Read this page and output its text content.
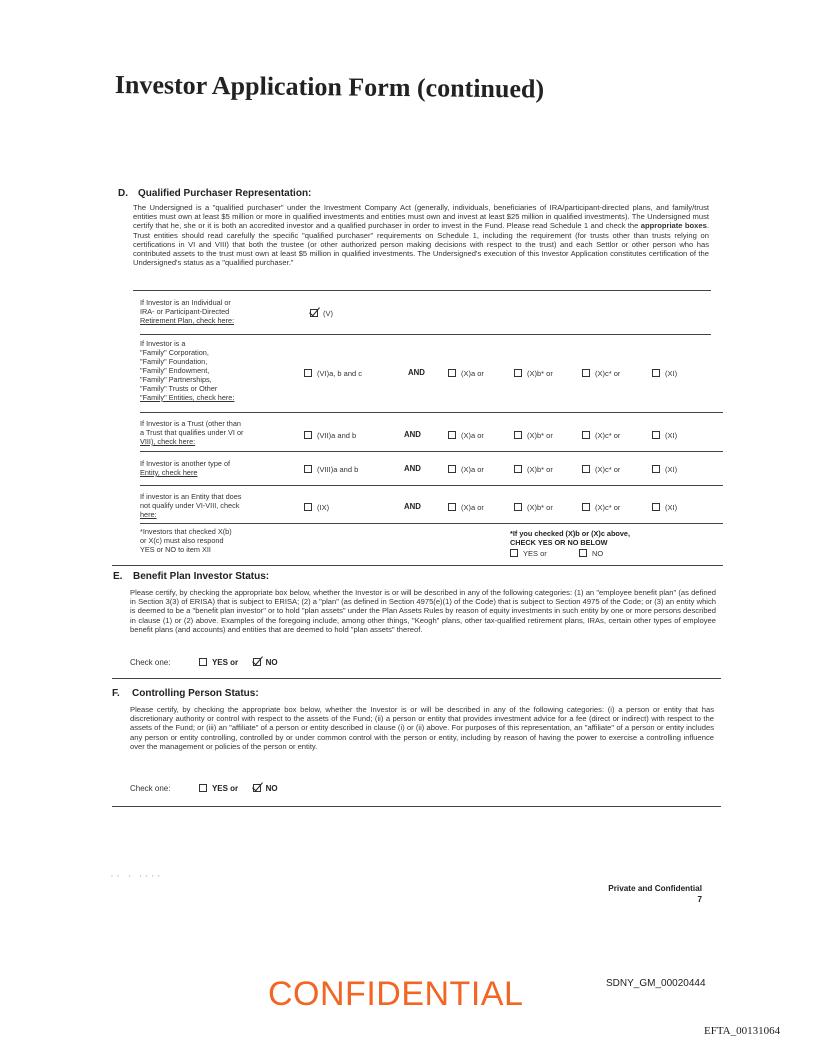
Investor Application Form (continued)
D. Qualified Purchaser Representation:
The Undersigned is a "qualified purchaser" under the Investment Company Act (generally, individuals, beneficiaries of IRA/participant-directed plans, and family/trust entities must own at least $5 million or more in qualified investments and entities must own and invest at least $25 million in qualified investments). The Undersigned must certify that he, she or it is both an accredited investor and a qualified purchaser in order to invest in the Fund. Please read Schedule 1 and check the appropriate boxes. Trust entities should read carefully the specific "qualified purchaser" requirements on Schedule 1, including the requirement (for trusts other than trusts relying on certifications in VI and VIII) that both the trustee (or other authorized person making decisions with respect to the trust) and each Settlor or other person who has contributed assets to the trust must own at least $5 million in qualified investments. The Undersigned's execution of this Investor Application constitutes certification of the Undersigned's status as a "qualified purchaser."
If Investor is an Individual or
IRA- or Participant-Directed
Retirement Plan, check here:
(V)
If Investor is a
"Family" Corporation,
"Family" Foundation,
"Family" Endowment,
"Family" Partnerships,
"Family" Trusts or Other
"Family" Entities, check here:
(VI)a, b and c	AND	(X)a or	(X)b* or	(X)c* or	(XI)
If Investor is a Trust (other than
a Trust that qualifies under VI or
VIII), check here:
(VII)a and b	AND	(X)a or	(X)b* or	(X)c* or	(XI)
If Investor is another type of
Entity, check here	(VIII)a and b	AND	(X)a or	(X)b* or	(X)c* or	(XI)
If investor is an Entity that does
not qualify under VI-VIII, check
here:
(IX)	AND	(X)a or	(X)b* or	(X)c* or	(XI)
*Investors that checked X(b)
or X(c) must also respond
YES or NO to item XII
*If you checked (X)b or (X)c above,
CHECK YES OR NO BELOW
YES or	NO
E. Benefit Plan Investor Status:
Please certify, by checking the appropriate box below, whether the Investor is or will be described in any of the following categories: (1) an "employee benefit plan" (as defined in Section 3(3) of ERISA) that is subject to ERISA; (2) a "plan" (as defined in Section 4975(e)(1) of the Code) that is subject to Section 4975 of the Code; or (3) an entity which is deemed to be a "benefit plan investor" or to hold "plan assets" under the Plan Assets Rules by reason of equity investments in such entity by one or more persons described in clause (1) or (2) above. Examples of the foregoing include, among other things, "Keogh" plans, other tax-qualified retirement plans, IRAs, certain other types of employee benefit plans (and accounts) and entities that are deemed to hold "plan assets" thereof.
Check one:	YES or	NO
F. Controlling Person Status:
Please certify, by checking the appropriate box below, whether the Investor is or will be described in any of the following categories: (i) a person or entity that has discretionary authority or control with respect to the assets of the Fund; (ii) a person or entity that provides investment advice for a fee (direct or indirect) with respect to the assets of the Fund; or (iii) an "affiliate" of a person or entity described in clause (i) or (ii) above. For purposes of this representation, an "affiliate" of a person or entity includes any person or entity controlling, controlled by or under common control with the person or entity, including by reason of having the power to exercise a controlling influence over the management or policies of the person or entity.
Check one:	YES or	NO
·· · ····
Private and Confidential
7
CONFIDENTIAL	SDNY_GM_00020444
EFTA_00131064
